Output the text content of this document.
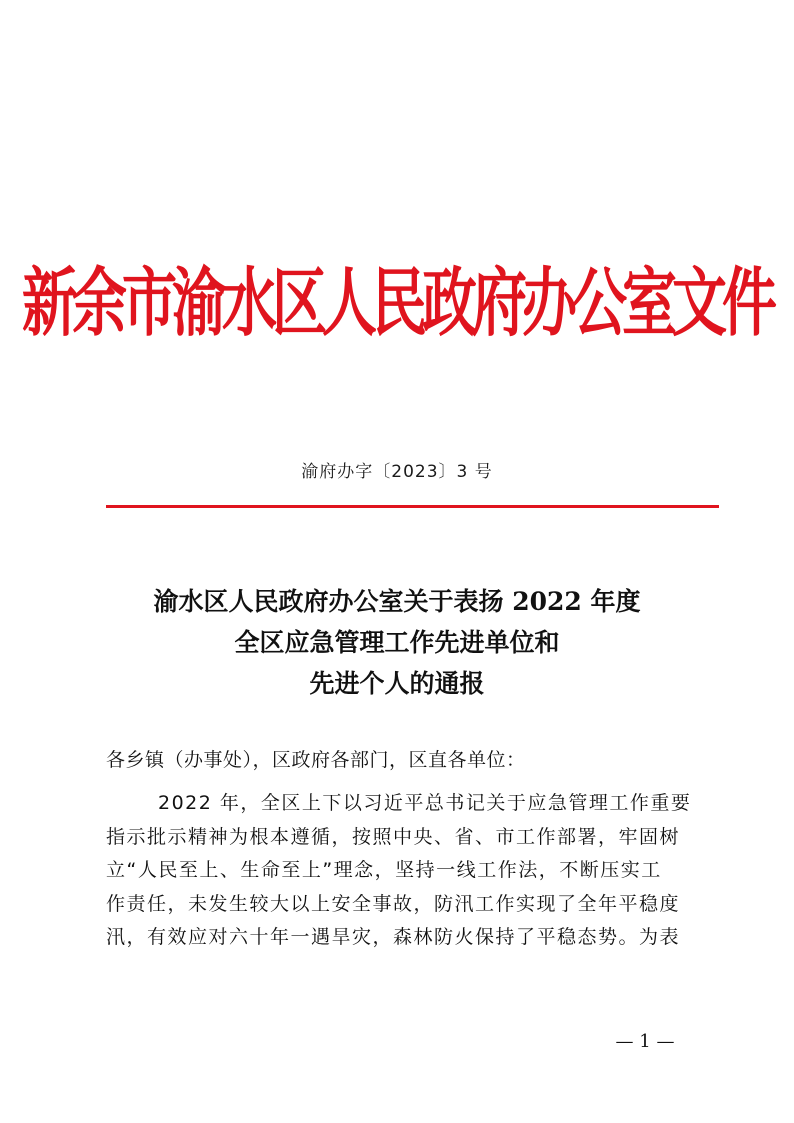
新余市渝水区人民政府办公室文件
渝府办字〔2023〕3 号
渝水区人民政府办公室关于表扬 2022 年度
全区应急管理工作先进单位和
先进个人的通报
各乡镇（办事处），区政府各部门，区直各单位：
2022 年，全区上下以习近平总书记关于应急管理工作重要
指示批示精神为根本遵循，按照中央、省、市工作部署，牢固树
立“人民至上、生命至上”理念，坚持一线工作法，不断压实工
作责任，未发生较大以上安全事故，防汛工作实现了全年平稳度
汛，有效应对六十年一遇旱灾，森林防火保持了平稳态势。为表
— 1 —
